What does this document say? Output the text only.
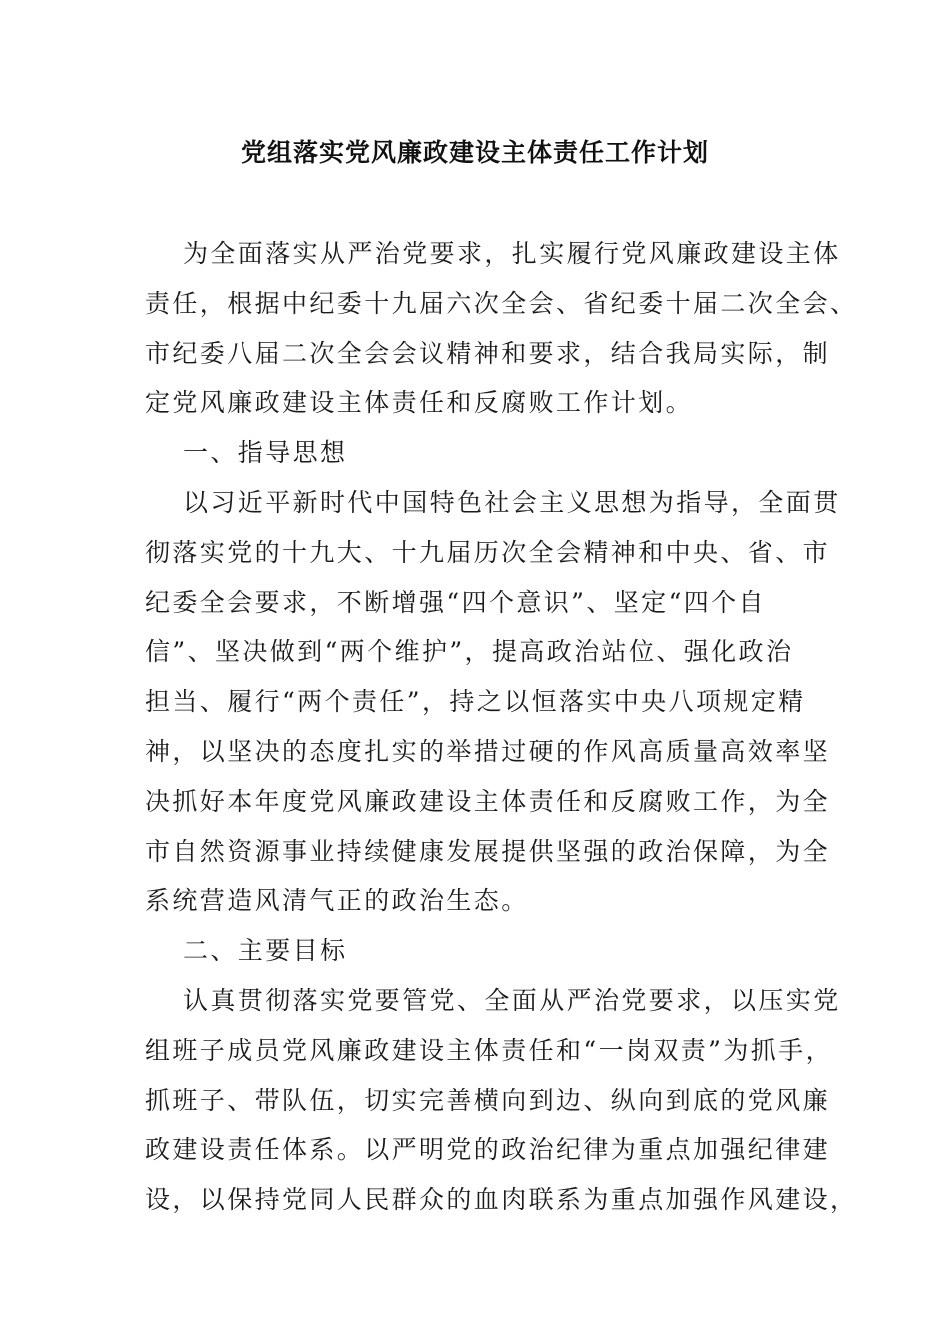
党组落实党风廉政建设主体责任工作计划
为全面落实从严治党要求，扎实履行党风廉政建设主体
责任，根据中纪委十九届六次全会、省纪委十届二次全会、
市纪委八届二次全会会议精神和要求，结合我局实际，制
定党风廉政建设主体责任和反腐败工作计划。
一、指导思想
以习近平新时代中国特色社会主义思想为指导，全面贯
彻落实党的十九大、十九届历次全会精神和中央、省、市
纪委全会要求，不断增强“四个意识”、坚定“四个自
信”、坚决做到“两个维护”，提高政治站位、强化政治
担当、履行“两个责任”，持之以恒落实中央八项规定精
神，以坚决的态度扎实的举措过硬的作风高质量高效率坚
决抓好本年度党风廉政建设主体责任和反腐败工作，为全
市自然资源事业持续健康发展提供坚强的政治保障，为全
系统营造风清气正的政治生态。
二、主要目标
认真贯彻落实党要管党、全面从严治党要求，以压实党
组班子成员党风廉政建设主体责任和“一岗双责”为抓手，
抓班子、带队伍，切实完善横向到边、纵向到底的党风廉
政建设责任体系。以严明党的政治纪律为重点加强纪律建
设，以保持党同人民群众的血肉联系为重点加强作风建设，
